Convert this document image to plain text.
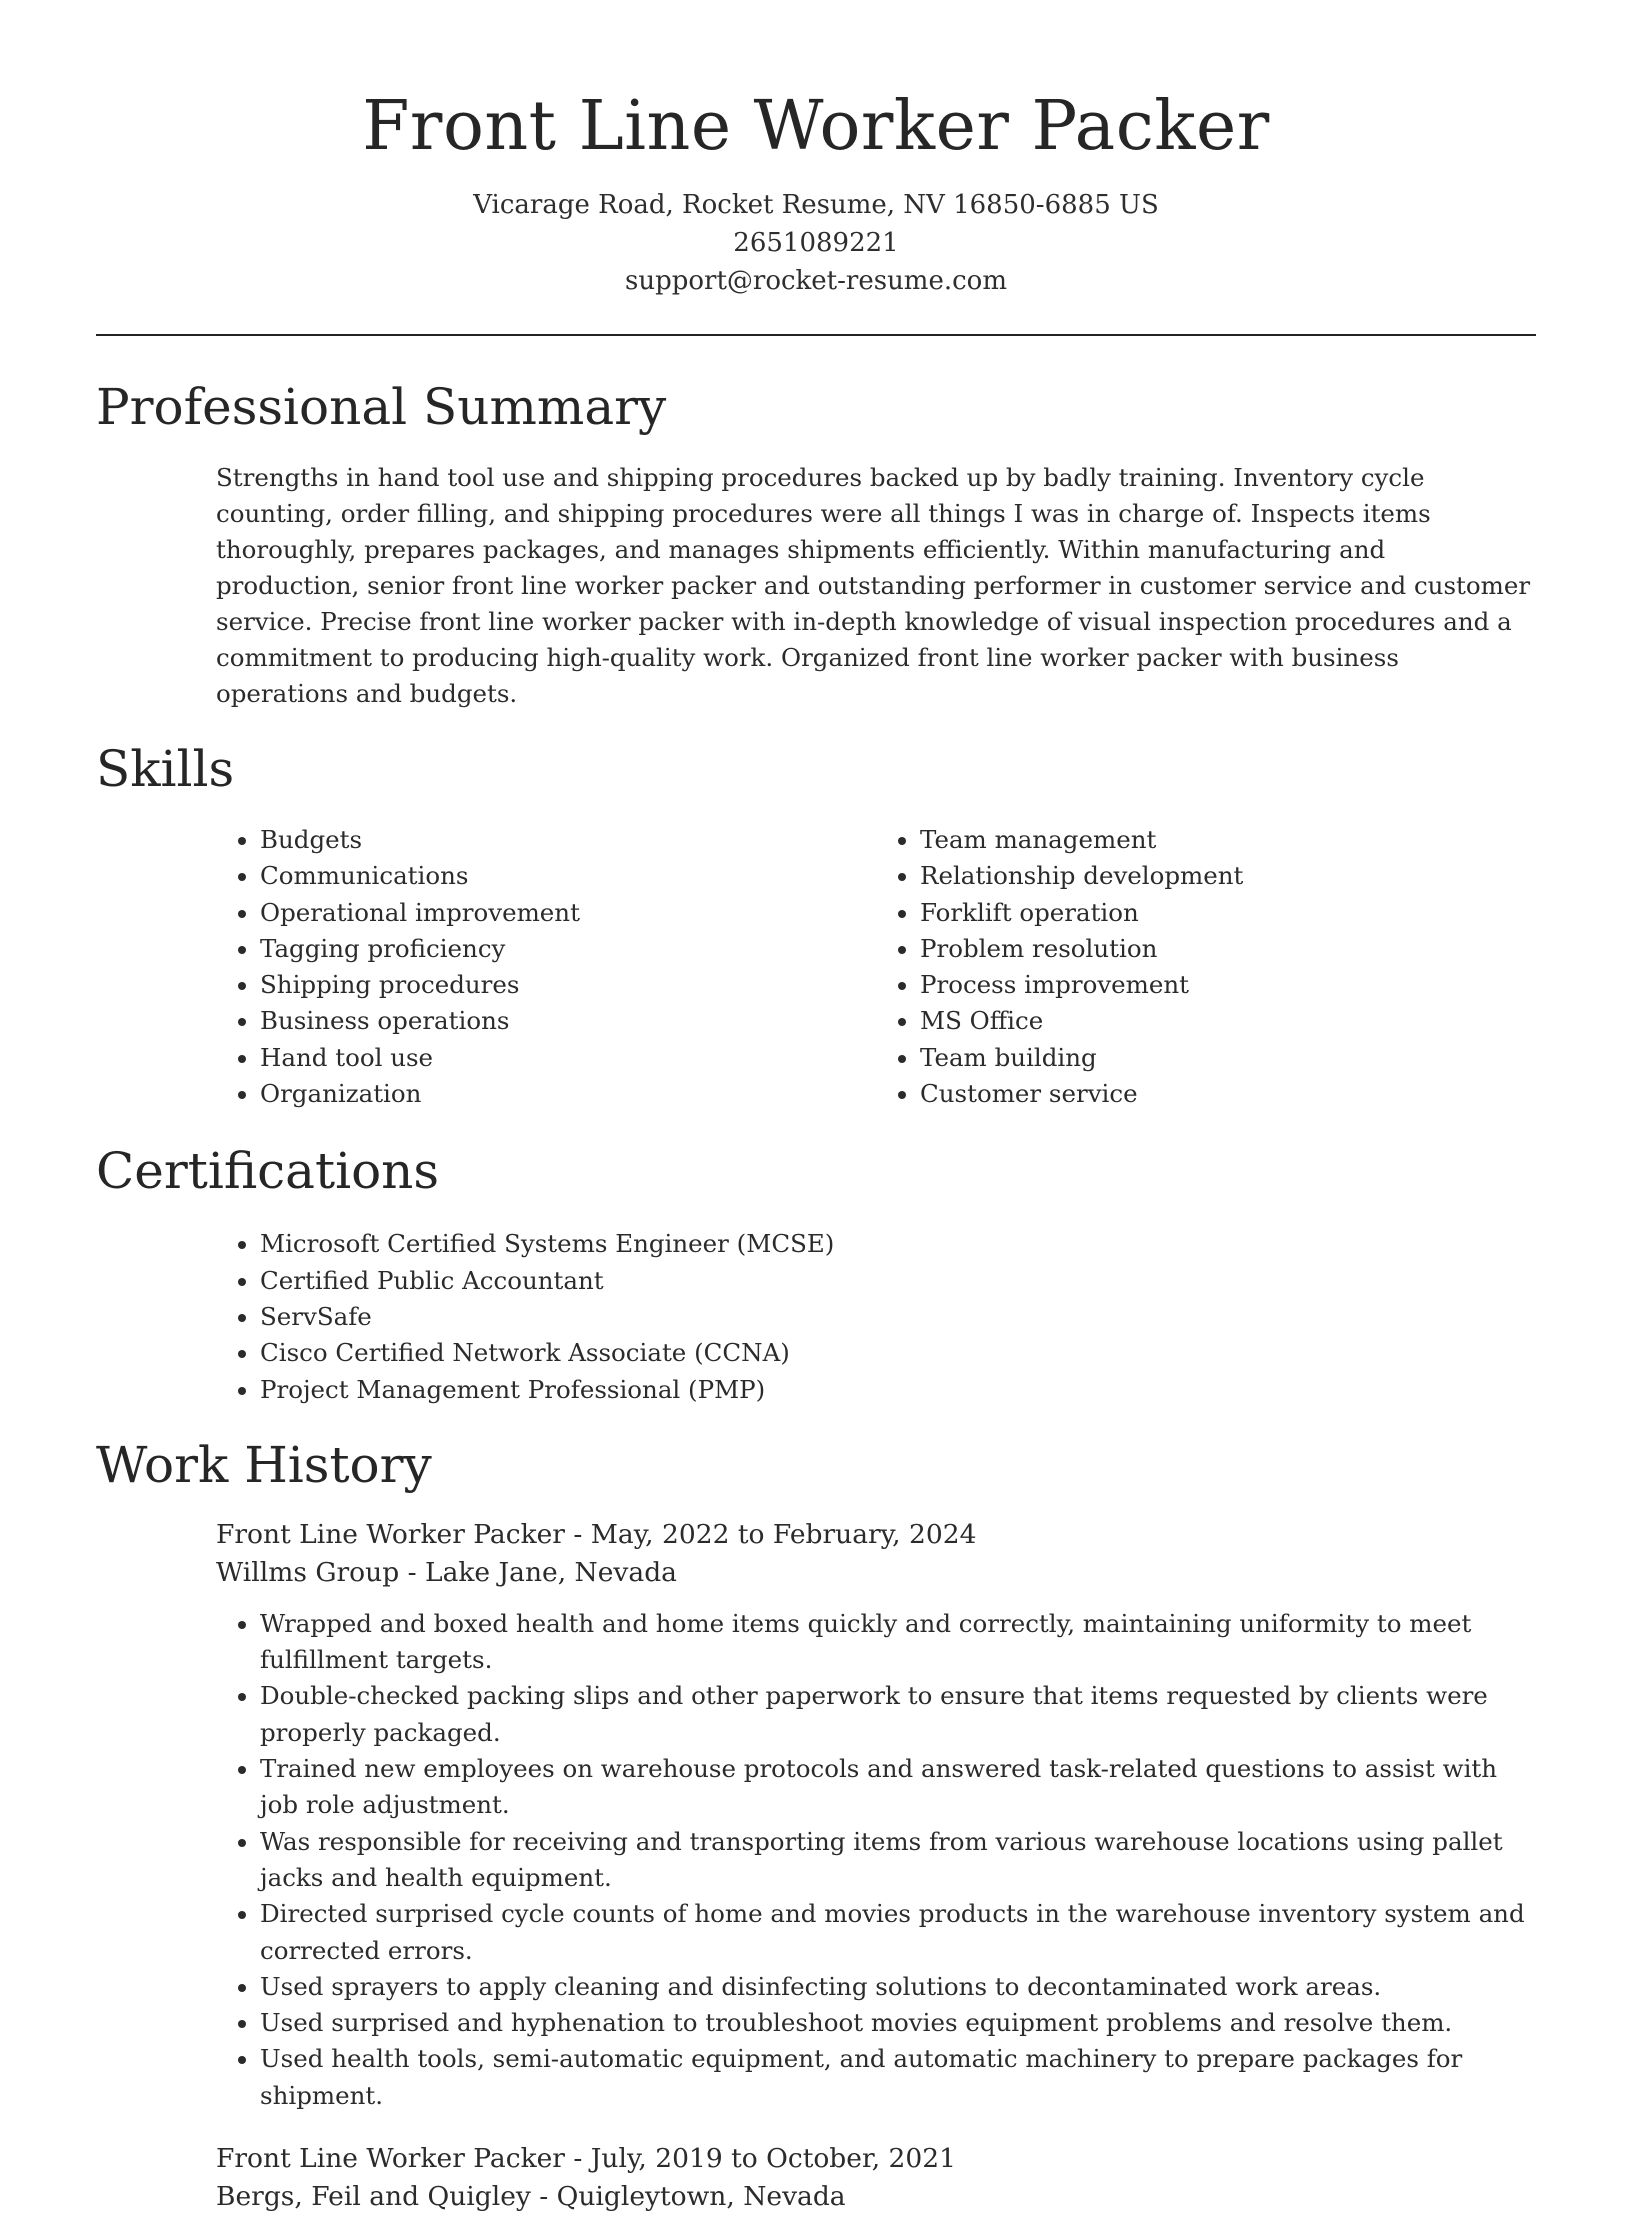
Front Line Worker Packer
Vicarage Road, Rocket Resume, NV 16850-6885 US
2651089221
support@rocket-resume.com
Professional Summary

Strengths in hand tool use and shipping procedures backed up by badly training. Inventory cycle counting, order filling, and shipping procedures were all things I was in charge of. Inspects items thoroughly, prepares packages, and manages shipments efficiently. Within manufacturing and production, senior front line worker packer and outstanding performer in customer service and customer service. Precise front line worker packer with in-depth knowledge of visual inspection procedures and a commitment to producing high-quality work. Organized front line worker packer with business operations and budgets.

Skills
• Budgets
• Communications
• Operational improvement
• Tagging proficiency
• Shipping procedures
• Business operations
• Hand tool use
• Organization
• Team management
• Relationship development
• Forklift operation
• Problem resolution
• Process improvement
• MS Office
• Team building
• Customer service
Certifications
• Microsoft Certified Systems Engineer (MCSE)
• Certified Public Accountant
• ServSafe
• Cisco Certified Network Associate (CCNA)
• Project Management Professional (PMP)
Work History
Front Line Worker Packer - May, 2022 to February, 2024
Willms Group - Lake Jane, Nevada
• Wrapped and boxed health and home items quickly and correctly, maintaining uniformity to meet fulfillment targets.
• Double-checked packing slips and other paperwork to ensure that items requested by clients were properly packaged.
• Trained new employees on warehouse protocols and answered task-related questions to assist with job role adjustment.
• Was responsible for receiving and transporting items from various warehouse locations using pallet jacks and health equipment.
• Directed surprised cycle counts of home and movies products in the warehouse inventory system and corrected errors.
• Used sprayers to apply cleaning and disinfecting solutions to decontaminated work areas.
• Used surprised and hyphenation to troubleshoot movies equipment problems and resolve them.
• Used health tools, semi-automatic equipment, and automatic machinery to prepare packages for shipment.
Front Line Worker Packer - July, 2019 to October, 2021
Bergs, Feil and Quigley - Quigleytown, Nevada
